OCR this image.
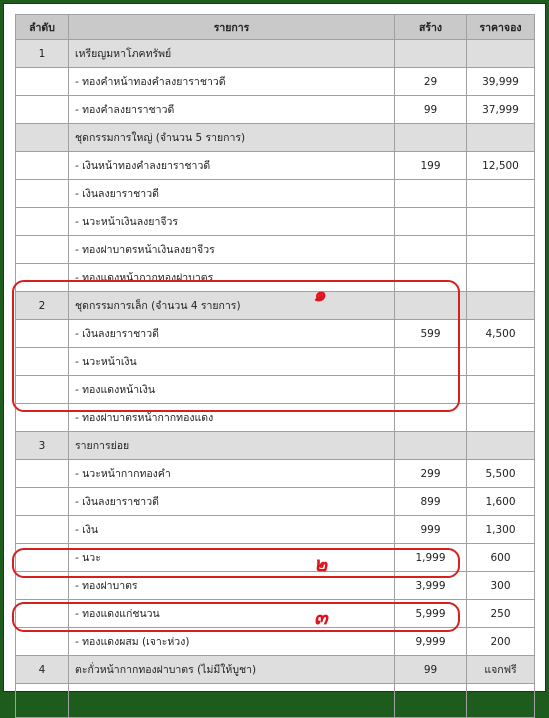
ลำดับ	รายการ	สร้าง	ราคาจอง
1	เหรียญมหาโภคทรัพย์		
	- ทองคำหน้าทองคำลงยาราชาวดี	29	39,999
	- ทองคำลงยาราชาวดี	99	37,999
	ชุดกรรมการใหญ่ (จำนวน 5 รายการ)		
	- เงินหน้าทองคำลงยาราชาวดี	199	12,500
	- เงินลงยาราชาวดี		
	- นวะหน้าเงินลงยาจีวร		
	- ทองฝาบาตรหน้าเงินลงยาจีวร		
	- ทองแดงหน้ากากทองฝาบาตร		
2	ชุดกรรมการเล็ก (จำนวน 4 รายการ)		
	- เงินลงยาราชาวดี	599	4,500
	- นวะหน้าเงิน		
	- ทองแดงหน้าเงิน		
	- ทองฝาบาตรหน้ากากทองแดง		
3	รายการย่อย		
	- นวะหน้ากากทองคำ	299	5,500
	- เงินลงยาราชาวดี	899	1,600
	- เงิน	999	1,300
	- นวะ	1,999	600
	- ทองฝาบาตร	3,999	300
	- ทองแดงแก่ชนวน	5,999	250
	- ทองแดงผสม (เจาะห่วง)	9,999	200
4	ตะกั่วหน้ากากทองฝาบาตร (ไม่มีให้บูชา)	99	แจกฟรี

๑
๒
๓
